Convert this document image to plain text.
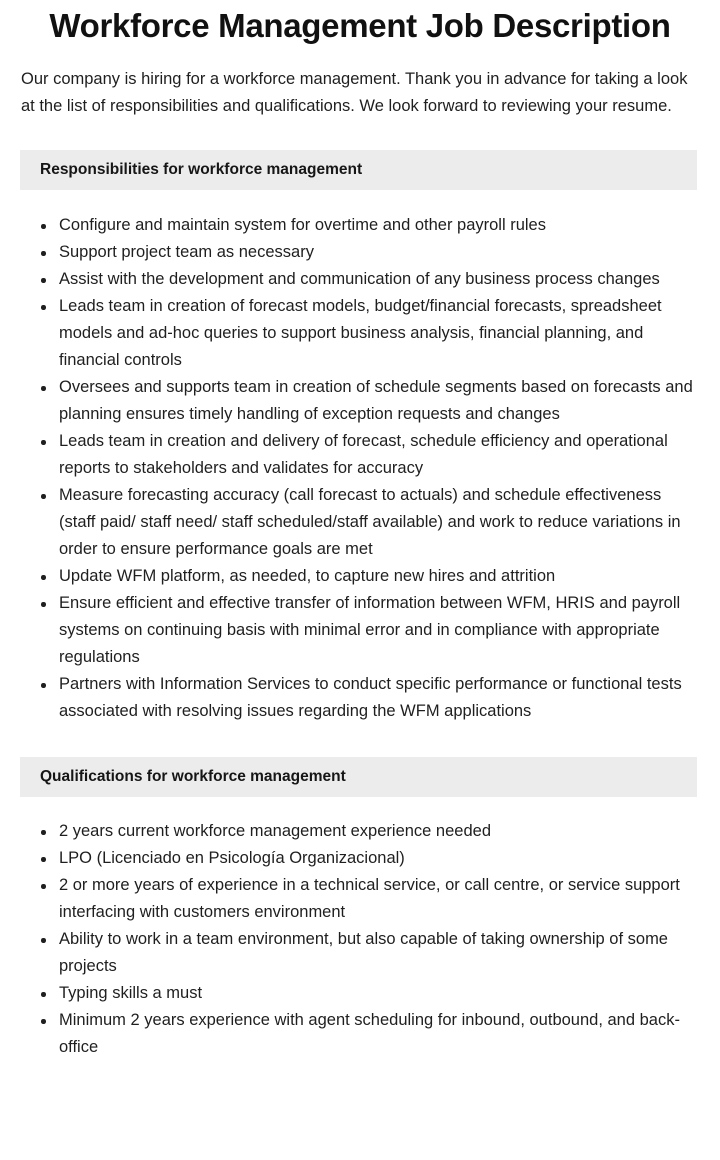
Workforce Management Job Description

Our company is hiring for a workforce management. Thank you in advance for taking a look at the list of responsibilities and qualifications. We look forward to reviewing your resume.

Responsibilities for workforce management
Configure and maintain system for overtime and other payroll rules
Support project team as necessary
Assist with the development and communication of any business process changes
Leads team in creation of forecast models, budget/financial forecasts, spreadsheet models and ad-hoc queries to support business analysis, financial planning, and financial controls
Oversees and supports team in creation of schedule segments based on forecasts and planning ensures timely handling of exception requests and changes
Leads team in creation and delivery of forecast, schedule efficiency and operational reports to stakeholders and validates for accuracy
Measure forecasting accuracy (call forecast to actuals) and schedule effectiveness (staff paid/ staff need/ staff scheduled/staff available) and work to reduce variations in order to ensure performance goals are met
Update WFM platform, as needed, to capture new hires and attrition
Ensure efficient and effective transfer of information between WFM, HRIS and payroll systems on continuing basis with minimal error and in compliance with appropriate regulations
Partners with Information Services to conduct specific performance or functional tests associated with resolving issues regarding the WFM applications
Qualifications for workforce management
2 years current workforce management experience needed
LPO (Licenciado en Psicología Organizacional)
2 or more years of experience in a technical service, or call centre, or service support interfacing with customers environment
Ability to work in a team environment, but also capable of taking ownership of some projects
Typing skills a must
Minimum 2 years experience with agent scheduling for inbound, outbound, and back-office
